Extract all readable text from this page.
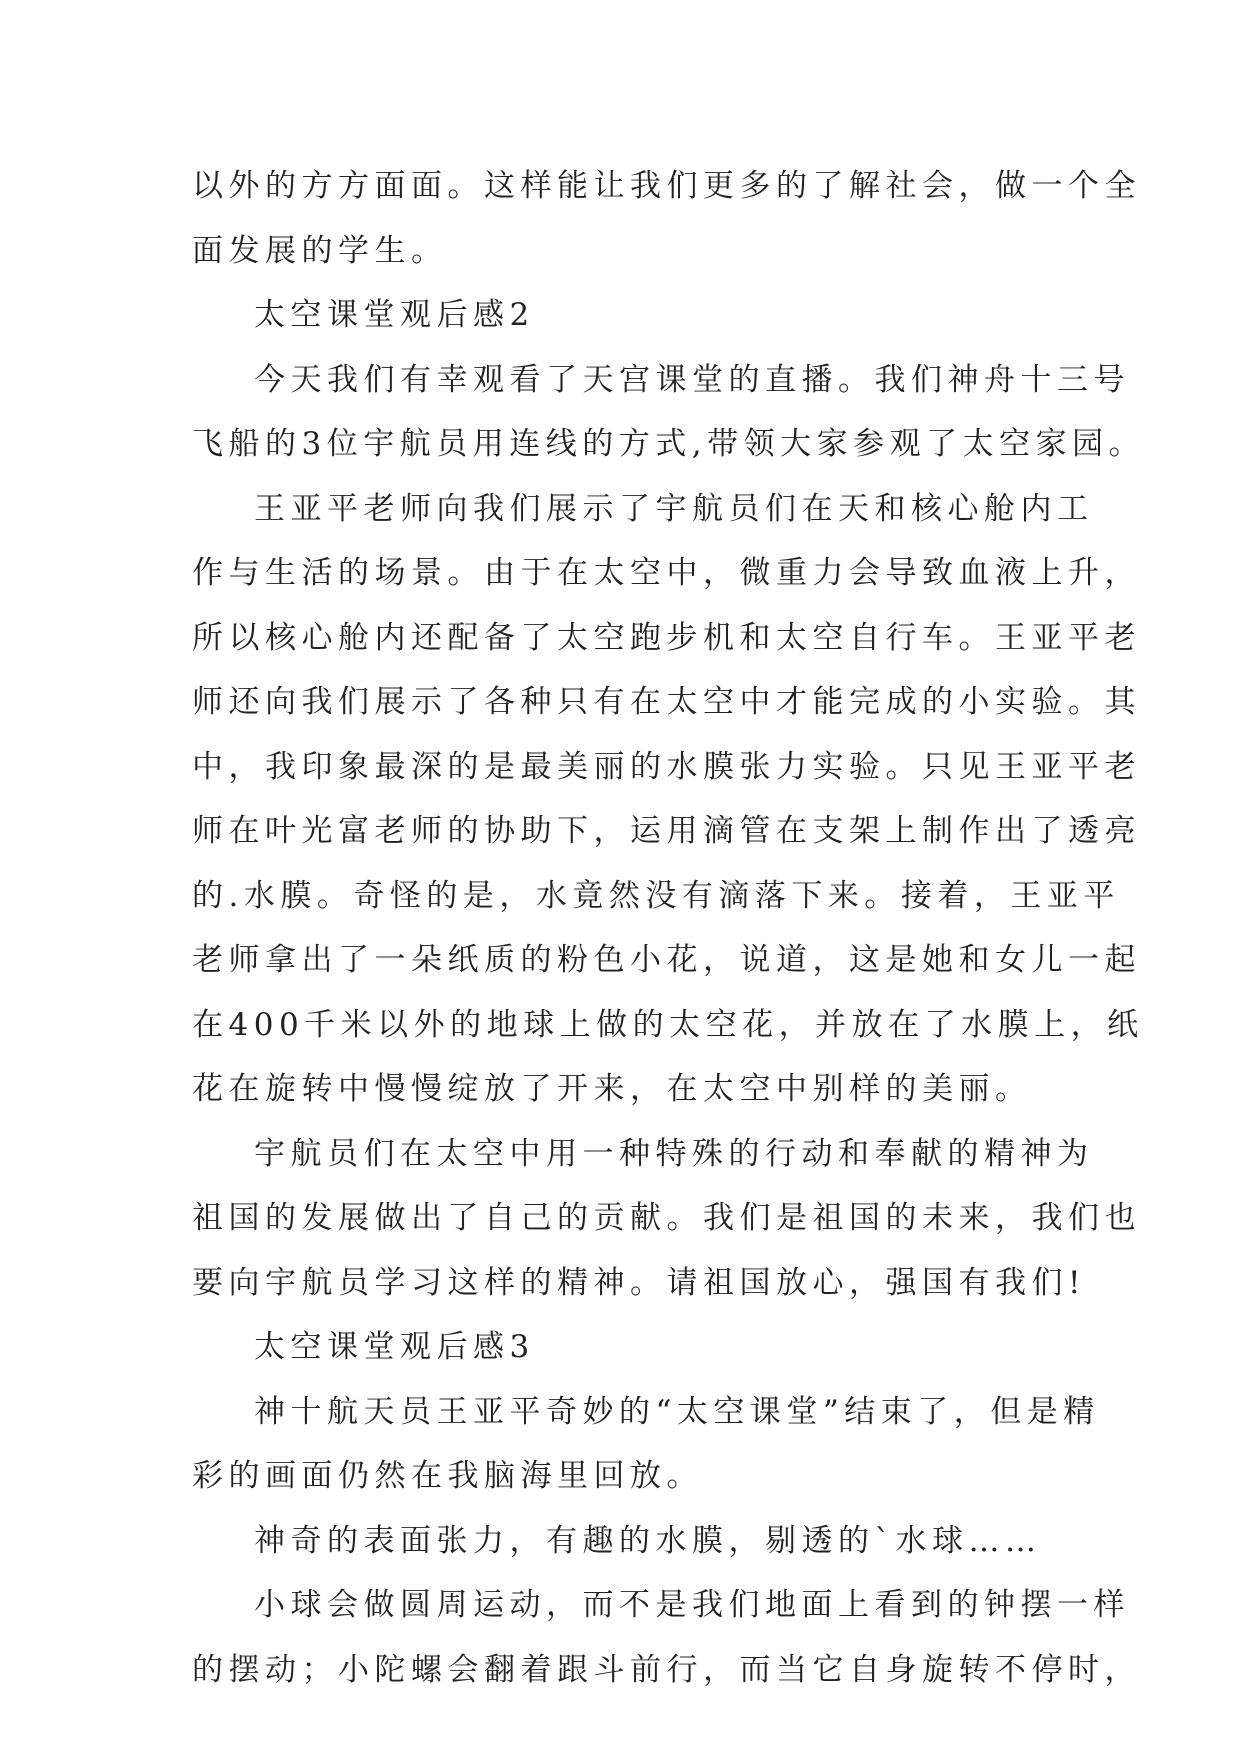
以外的方方面面。这样能让我们更多的了解社会，做一个全
面发展的学生。
太空课堂观后感2
今天我们有幸观看了天宫课堂的直播。我们神舟十三号
飞船的3位宇航员用连线的方式,带领大家参观了太空家园。
王亚平老师向我们展示了宇航员们在天和核心舱内工
作与生活的场景。由于在太空中，微重力会导致血液上升，
所以核心舱内还配备了太空跑步机和太空自行车。王亚平老
师还向我们展示了各种只有在太空中才能完成的小实验。其
中，我印象最深的是最美丽的水膜张力实验。只见王亚平老
师在叶光富老师的协助下，运用滴管在支架上制作出了透亮
的.水膜。奇怪的是，水竟然没有滴落下来。接着，王亚平
老师拿出了一朵纸质的粉色小花，说道，这是她和女儿一起
在400千米以外的地球上做的太空花，并放在了水膜上，纸
花在旋转中慢慢绽放了开来，在太空中别样的美丽。
宇航员们在太空中用一种特殊的行动和奉献的精神为
祖国的发展做出了自己的贡献。我们是祖国的未来，我们也
要向宇航员学习这样的精神。请祖国放心，强国有我们!
太空课堂观后感3
神十航天员王亚平奇妙的“太空课堂”结束了，但是精
彩的画面仍然在我脑海里回放。
神奇的表面张力，有趣的水膜，剔透的`水球……
小球会做圆周运动，而不是我们地面上看到的钟摆一样
的摆动；小陀螺会翻着跟斗前行，而当它自身旋转不停时，
